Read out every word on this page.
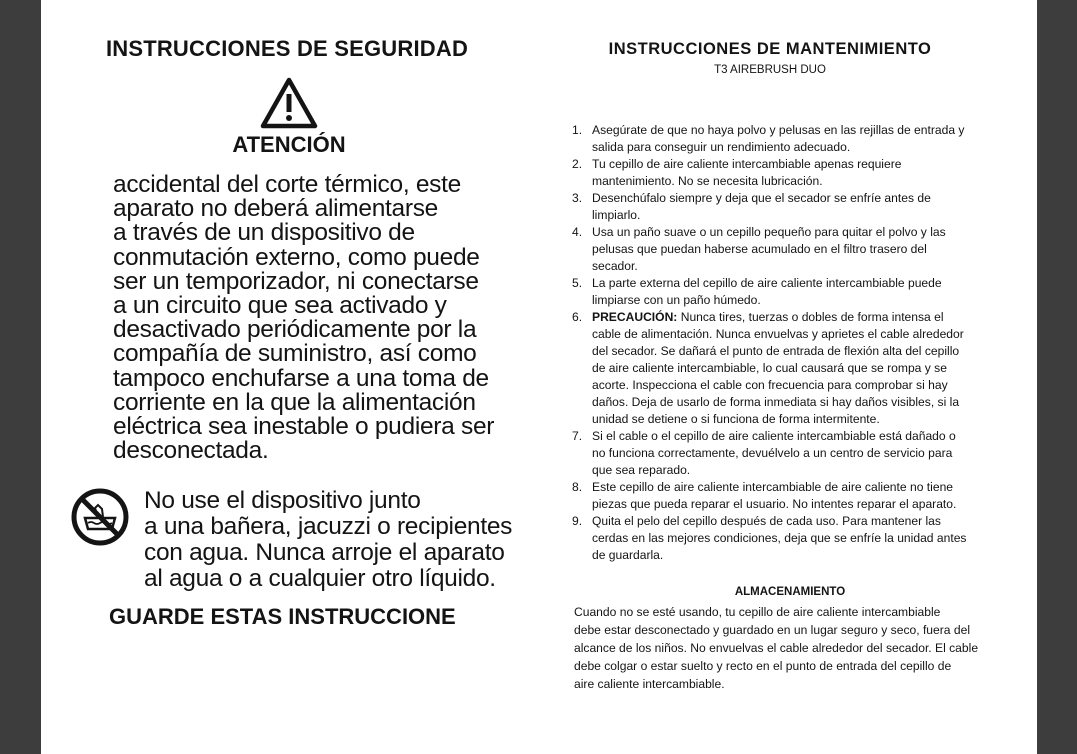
INSTRUCCIONES DE SEGURIDAD
ATENCIÓN
accidental del corte térmico, este
aparato no deberá alimentarse
a través de un dispositivo de
conmutación externo, como puede
ser un temporizador, ni conectarse
a un circuito que sea activado y
desactivado periódicamente por la
compañía de suministro, así como
tampoco enchufarse a una toma de
corriente en la que la alimentación
eléctrica sea inestable o pudiera ser
desconectada.
No use el dispositivo junto
a una bañera, jacuzzi o recipientes
con agua. Nunca arroje el aparato
al agua o a cualquier otro líquido.
GUARDE ESTAS INSTRUCCIONE
INSTRUCCIONES DE MANTENIMIENTO
T3 AIREBRUSH DUO
1. Asegúrate de que no haya polvo y pelusas en las rejillas de entrada y
salida para conseguir un rendimiento adecuado.
2. Tu cepillo de aire caliente intercambiable apenas requiere
mantenimiento. No se necesita lubricación.
3. Desenchúfalo siempre y deja que el secador se enfríe antes de
limpiarlo.
4. Usa un paño suave o un cepillo pequeño para quitar el polvo y las
pelusas que puedan haberse acumulado en el filtro trasero del
secador.
5. La parte externa del cepillo de aire caliente intercambiable puede
limpiarse con un paño húmedo.
6. PRECAUCIÓN: Nunca tires, tuerzas o dobles de forma intensa el
cable de alimentación. Nunca envuelvas y aprietes el cable alrededor
del secador. Se dañará el punto de entrada de flexión alta del cepillo
de aire caliente intercambiable, lo cual causará que se rompa y se
acorte. Inspecciona el cable con frecuencia para comprobar si hay
daños. Deja de usarlo de forma inmediata si hay daños visibles, si la
unidad se detiene o si funciona de forma intermitente.
7. Si el cable o el cepillo de aire caliente intercambiable está dañado o
no funciona correctamente, devuélvelo a un centro de servicio para
que sea reparado.
8. Este cepillo de aire caliente intercambiable de aire caliente no tiene
piezas que pueda reparar el usuario. No intentes reparar el aparato.
9. Quita el pelo del cepillo después de cada uso. Para mantener las
cerdas en las mejores condiciones, deja que se enfríe la unidad antes
de guardarla.
ALMACENAMIENTO
Cuando no se esté usando, tu cepillo de aire caliente intercambiable
debe estar desconectado y guardado en un lugar seguro y seco, fuera del
alcance de los niños. No envuelvas el cable alrededor del secador. El cable
debe colgar o estar suelto y recto en el punto de entrada del cepillo de
aire caliente intercambiable.
